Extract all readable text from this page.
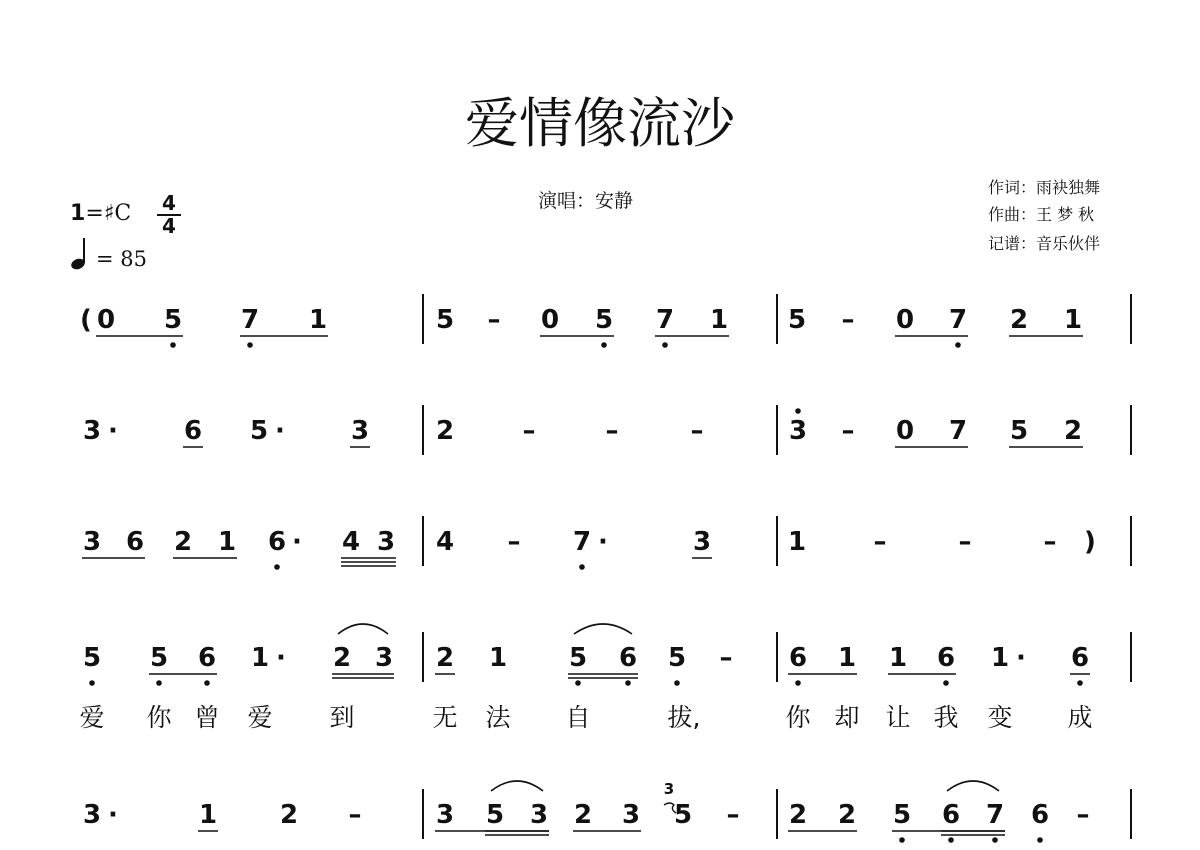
爱情像流沙
演唱：安静
作词：雨袂独舞
作曲：王 梦 秋
记谱：音乐伙伴
1=♯C 4
4
= 85
( 0 5 7 1	5 – 0 5 7 1 5 – 0 7 2 1
3 ·	6 5 ·	3	2	–	–	–	3 – 0 7 5 2
3 6 2 1 6 · 4 3 4 – 7 ·	3	1	–	–	– )
5 5 6 1 · 2 3 2 1 5 6 5 – 6 1 1 6 1 · 6
爱 你 曾 爱 到	无 法 自	拔,	你 却 让 我 变 成
3 ·	1 2 –	3 5 3 2 3 5 – 2 2 5 6 7 6 –
3
